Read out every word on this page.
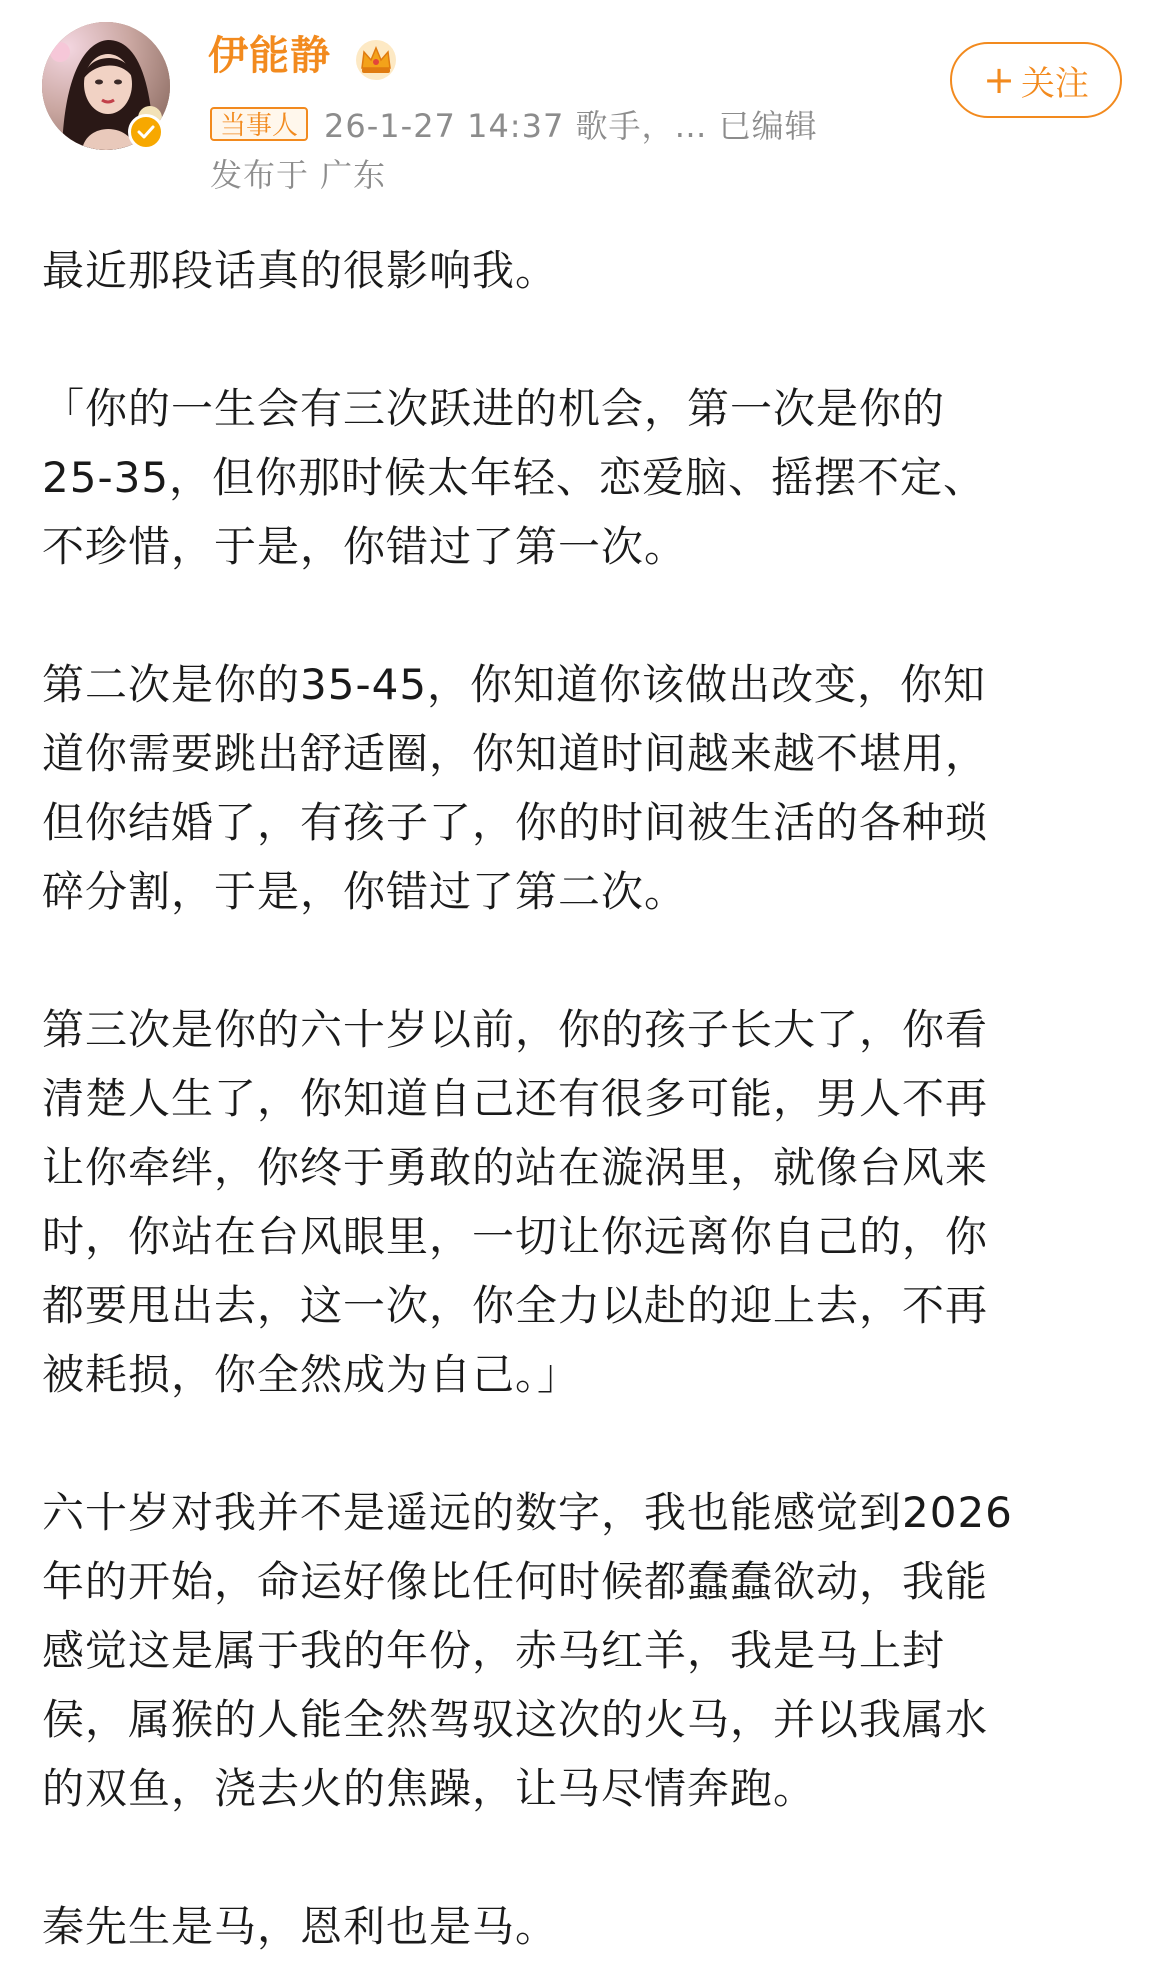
伊能静
当事人 26-1-27 14:37 歌手，… 已编辑
发布于 广东
+ 关注

最近那段话真的很影响我。

「你的一生会有三次跃进的机会，第一次是你的
25-35，但你那时候太年轻、恋爱脑、摇摆不定、
不珍惜，于是，你错过了第一次。

第二次是你的35-45，你知道你该做出改变，你知
道你需要跳出舒适圈，你知道时间越来越不堪用，
但你结婚了，有孩子了，你的时间被生活的各种琐
碎分割，于是，你错过了第二次。

第三次是你的六十岁以前，你的孩子长大了，你看
清楚人生了，你知道自己还有很多可能，男人不再
让你牵绊，你终于勇敢的站在漩涡里，就像台风来
时，你站在台风眼里，一切让你远离你自己的，你
都要甩出去，这一次，你全力以赴的迎上去，不再
被耗损，你全然成为自己。」

六十岁对我并不是遥远的数字，我也能感觉到2026
年的开始，命运好像比任何时候都蠢蠢欲动，我能
感觉这是属于我的年份，赤马红羊，我是马上封
侯，属猴的人能全然驾驭这次的火马，并以我属水
的双鱼，浇去火的焦躁，让马尽情奔跑。

秦先生是马，恩利也是马。
